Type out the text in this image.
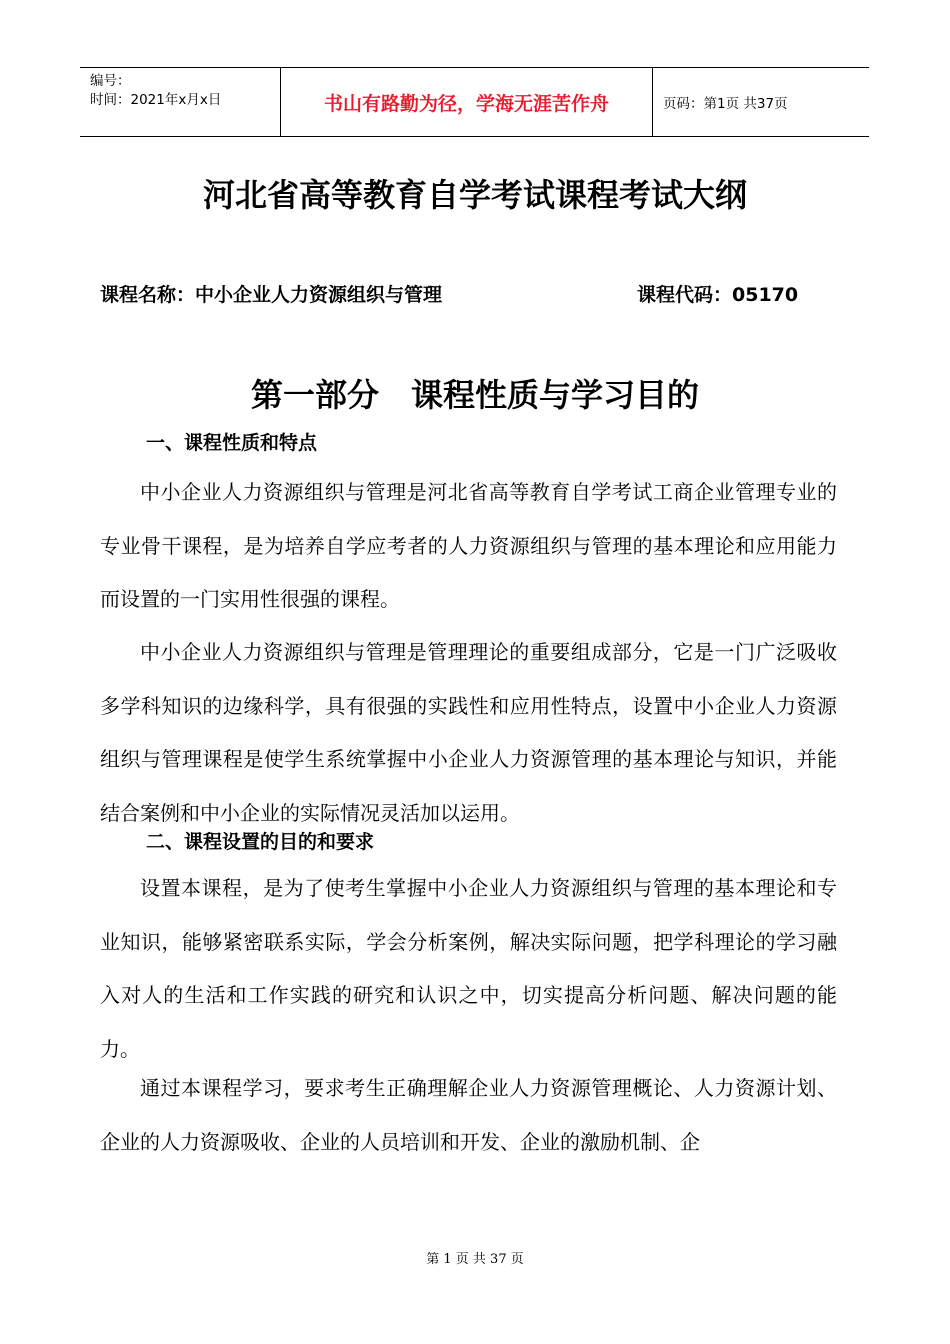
编号：
时间：2021年x月x日	书山有路勤为径，学海无涯苦作舟	页码：第1页 共37页
河北省高等教育自学考试课程考试大纲
课程名称：中小企业人力资源组织与管理	课程代码：05170
第一部分　课程性质与学习目的
一、课程性质和特点

中小企业人力资源组织与管理是河北省高等教育自学考试工商企业管理专业的专业骨干课程，是为培养自学应考者的人力资源组织与管理的基本理论和应用能力而设置的一门实用性很强的课程。

中小企业人力资源组织与管理是管理理论的重要组成部分，它是一门广泛吸收多学科知识的边缘科学，具有很强的实践性和应用性特点，设置中小企业人力资源组织与管理课程是使学生系统掌握中小企业人力资源管理的基本理论与知识，并能结合案例和中小企业的实际情况灵活加以运用。

二、课程设置的目的和要求

设置本课程，是为了使考生掌握中小企业人力资源组织与管理的基本理论和专业知识，能够紧密联系实际，学会分析案例，解决实际问题，把学科理论的学习融入对人的生活和工作实践的研究和认识之中，切实提高分析问题、解决问题的能力。

通过本课程学习，要求考生正确理解企业人力资源管理概论、人力资源计划、企业的人力资源吸收、企业的人员培训和开发、企业的激励机制、企

第 1 页 共 37 页
